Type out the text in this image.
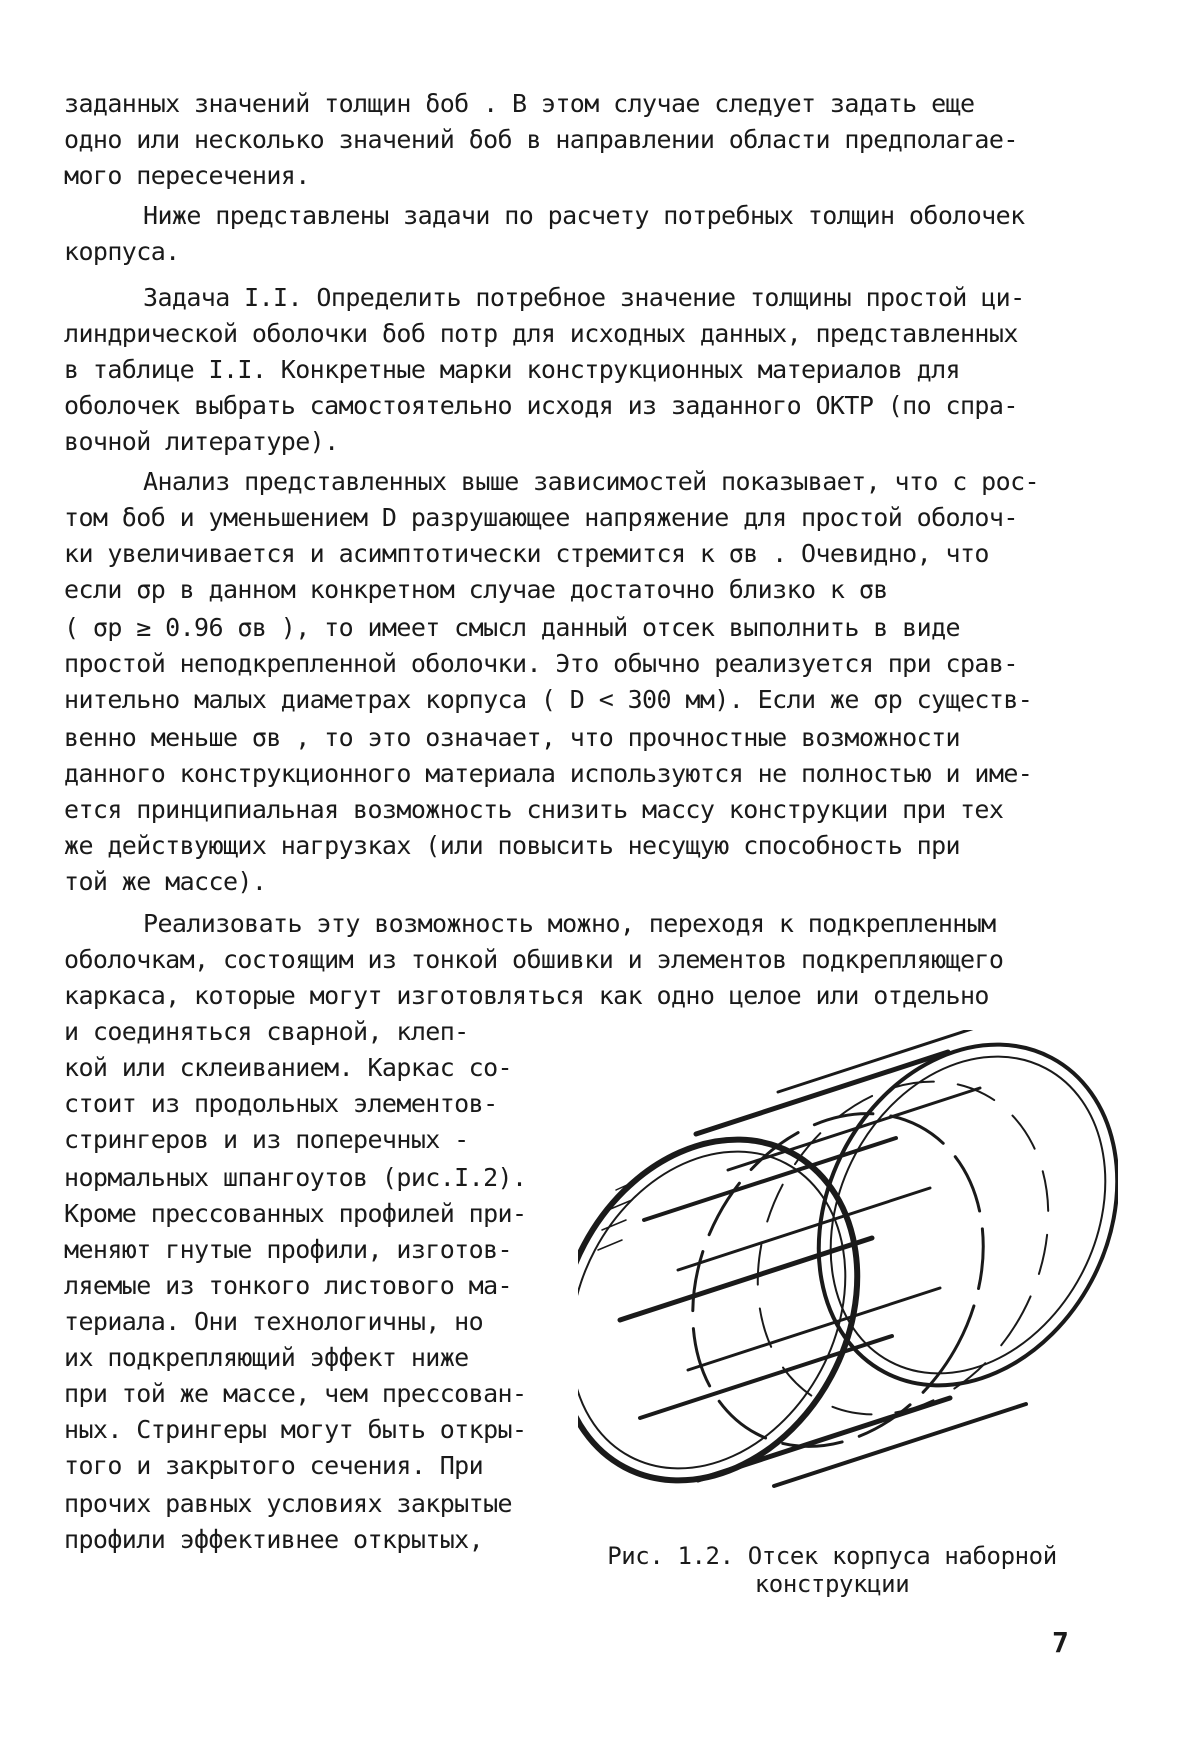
заданных значений толщин δоб . В этом случае следует задать еще
одно или несколько значений δоб в направлении области предполагае-
мого пересечения.
Ниже представлены задачи по расчету потребных толщин оболочек
корпуса.
Задача I.I. Определить потребное значение толщины простой ци-
линдрической оболочки δоб потр для исходных данных, представленных
в таблице I.I. Конкретные марки конструкционных материалов для
оболочек выбрать самостоятельно исходя из заданного ОКТР (по спра-
вочной литературе).
Анализ представленных выше зависимостей показывает, что с рос-
том δоб и уменьшением D разрушающее напряжение для простой оболоч-
ки увеличивается и асимптотически стремится к σв . Очевидно, что
если σр в данном конкретном случае достаточно близко к σв
( σр ≥ 0.96 σв ), то имеет смысл данный отсек выполнить в виде
простой неподкрепленной оболочки. Это обычно реализуется при срав-
нительно малых диаметрах корпуса ( D < 300 мм). Если же σр существ-
венно меньше σв , то это означает, что прочностные возможности
данного конструкционного материала используются не полностью и име-
ется принципиальная возможность снизить массу конструкции при тех
же действующих нагрузках (или повысить несущую способность при
той же массе).
Реализовать эту возможность можно, переходя к подкрепленным
оболочкам, состоящим из тонкой обшивки и элементов подкрепляющего
каркаса, которые могут изготовляться как одно целое или отдельно
и соединяться сварной, клеп-
кой или склеиванием. Каркас со-
стоит из продольных элементов-
стрингеров и из поперечных -
нормальных шпангоутов (рис.I.2).
Кроме прессованных профилей при-
меняют гнутые профили, изготов-
ляемые из тонкого листового ма-
териала. Они технологичны, но
их подкрепляющий эффект ниже
при той же массе, чем прессован-
ных. Стрингеры могут быть откры-
того и закрытого сечения. При
прочих равных условиях закрытые
профили эффективнее открытых,
Рис. 1.2. Отсек корпуса наборной
конструкции
7
